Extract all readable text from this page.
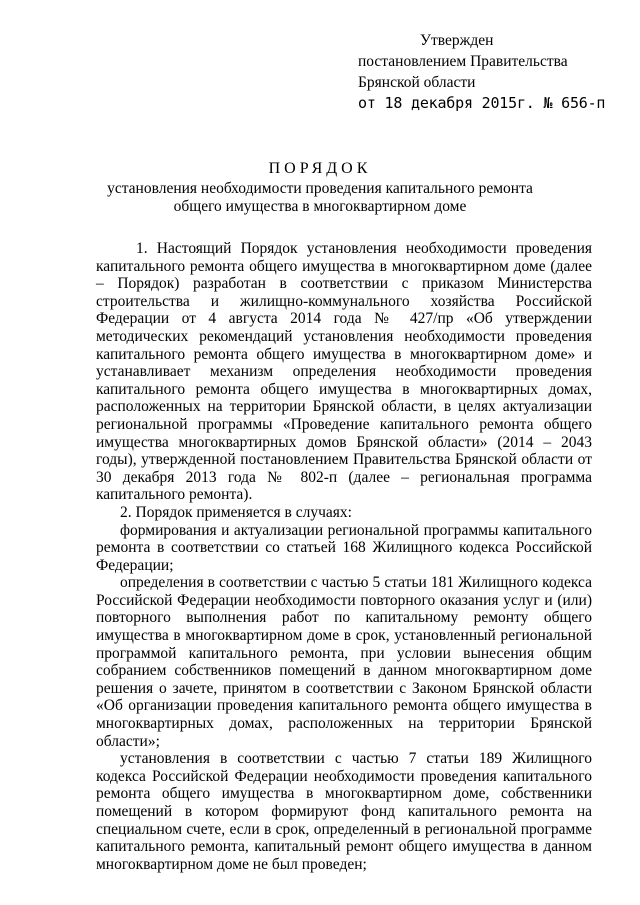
Утвержден
постановлением Правительства
Брянской области
от 18 декабря 2015г. № 656-п
ПОРЯДОК
установления необходимости проведения капитального ремонта
общего имущества в многоквартирном доме

1. Настоящий Порядок установления необходимости проведения капитального ремонта общего имущества в многоквартирном доме (далее – Порядок) разработан в соответствии с приказом Министерства строительства и жилищно-коммунального хозяйства Российской Федерации от 4 августа 2014 года № 427/пр «Об утверждении методических рекомендаций установления необходимости проведения капитального ремонта общего имущества в многоквартирном доме» и устанавливает механизм определения необходимости проведения капитального ремонта общего имущества в многоквартирных домах, расположенных на территории Брянской области, в целях актуализации региональной программы «Проведение капитального ремонта общего имущества многоквартирных домов Брянской области» (2014 – 2043 годы), утвержденной постановлением Правительства Брянской области от 30 декабря 2013 года № 802-п (далее – региональная программа капитального ремонта).

2. Порядок применяется в случаях:

формирования и актуализации региональной программы капитального ремонта в соответствии со статьей 168 Жилищного кодекса Российской Федерации;

определения в соответствии с частью 5 статьи 181 Жилищного кодекса Российской Федерации необходимости повторного оказания услуг и (или) повторного выполнения работ по капитальному ремонту общего имущества в многоквартирном доме в срок, установленный региональной программой капитального ремонта, при условии вынесения общим собранием собственников помещений в данном многоквартирном доме решения о зачете, принятом в соответствии с Законом Брянской области «Об организации проведения капитального ремонта общего имущества в многоквартирных домах, расположенных на территории Брянской области»;

установления в соответствии с частью 7 статьи 189 Жилищного кодекса Российской Федерации необходимости проведения капитального ремонта общего имущества в многоквартирном доме, собственники помещений в котором формируют фонд капитального ремонта на специальном счете, если в срок, определенный в региональной программе капитального ремонта, капитальный ремонт общего имущества в данном многоквартирном доме не был проведен;
